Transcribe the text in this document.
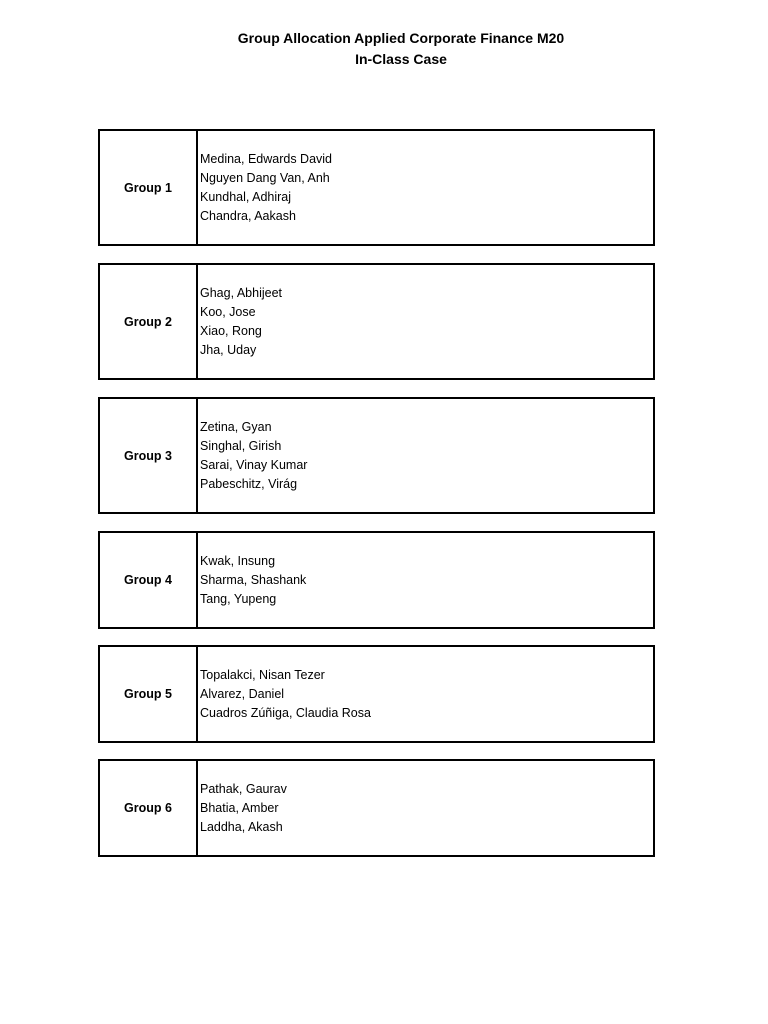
Group Allocation Applied Corporate Finance M20
In-Class Case
Group 1
Medina, Edwards David
Nguyen Dang Van, Anh
Kundhal, Adhiraj
Chandra, Aakash
Group 2
Ghag, Abhijeet
Koo, Jose
Xiao, Rong
Jha, Uday
Group 3
Zetina, Gyan
Singhal, Girish
Sarai, Vinay Kumar
Pabeschitz, Virág
Group 4
Kwak, Insung
Sharma, Shashank
Tang, Yupeng
Group 5
Topalakci, Nisan Tezer
Alvarez, Daniel
Cuadros Zúñiga, Claudia Rosa
Group 6
Pathak, Gaurav
Bhatia, Amber
Laddha, Akash
